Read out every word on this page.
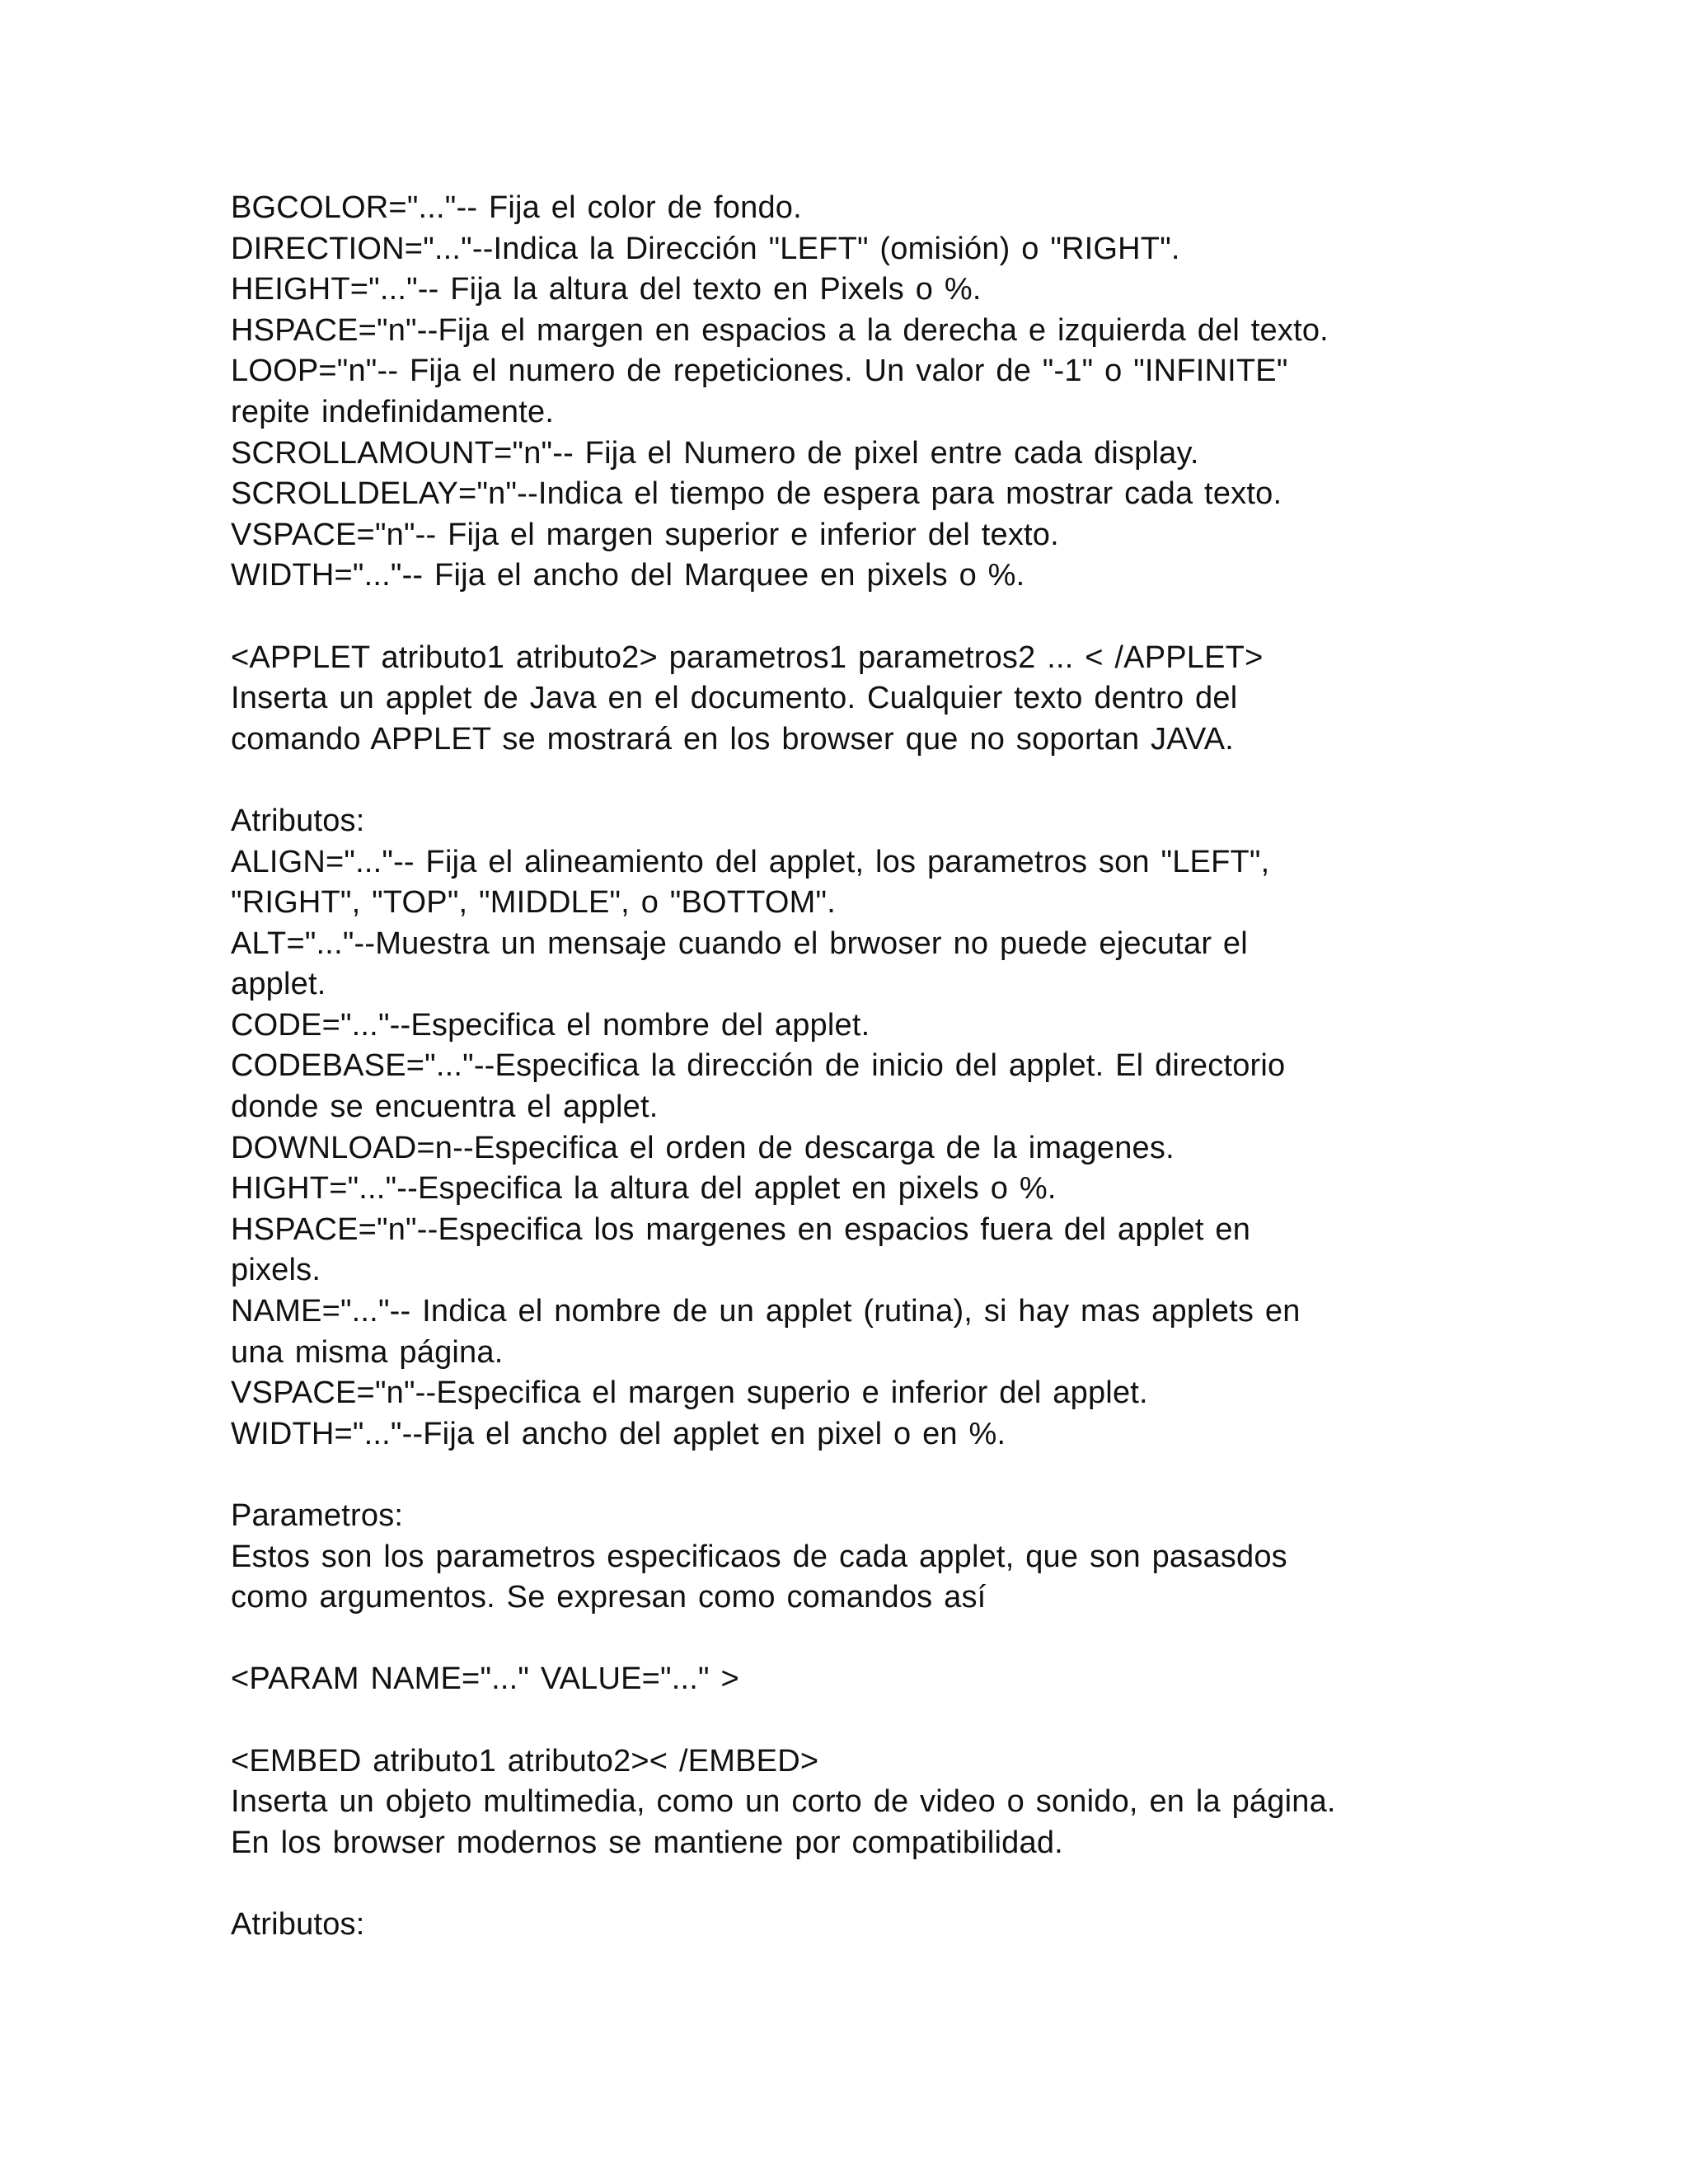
BGCOLOR="..."-- Fija el color de fondo.
DIRECTION="..."--Indica la Dirección "LEFT" (omisión) o "RIGHT".
HEIGHT="..."-- Fija la altura del texto en Pixels o %.
HSPACE="n"--Fija el margen en espacios a la derecha e izquierda del texto.
LOOP="n"-- Fija el numero de repeticiones. Un valor de "-1" o "INFINITE"
repite indefinidamente.
SCROLLAMOUNT="n"-- Fija el Numero de pixel entre cada display.
SCROLLDELAY="n"--Indica el tiempo de espera para mostrar cada texto.
VSPACE="n"-- Fija el margen superior e inferior del texto.
WIDTH="..."-- Fija el ancho del Marquee en pixels o %.
<APPLET atributo1 atributo2> parametros1 parametros2 ... < /APPLET>
Inserta un applet de Java en el documento. Cualquier texto dentro del
comando APPLET se mostrará en los browser que no soportan JAVA.
Atributos:
ALIGN="..."-- Fija el alineamiento del applet, los parametros son "LEFT",
"RIGHT", "TOP", "MIDDLE", o "BOTTOM".
ALT="..."--Muestra un mensaje cuando el brwoser no puede ejecutar el
applet.
CODE="..."--Especifica el nombre del applet.
CODEBASE="..."--Especifica la dirección de inicio del applet. El directorio
donde se encuentra el applet.
DOWNLOAD=n--Especifica el orden de descarga de la imagenes.
HIGHT="..."--Especifica la altura del applet en pixels o %.
HSPACE="n"--Especifica los margenes en espacios fuera del applet en
pixels.
NAME="..."-- Indica el nombre de un applet (rutina), si hay mas applets en
una misma página.
VSPACE="n"--Especifica el margen superio e inferior del applet.
WIDTH="..."--Fija el ancho del applet en pixel o en %.
Parametros:
Estos son los parametros especificaos de cada applet, que son pasasdos
como argumentos. Se expresan como comandos así
<PARAM NAME="..." VALUE="..." >
<EMBED atributo1 atributo2>< /EMBED>
Inserta un objeto multimedia, como un corto de video o sonido, en la página.
En los browser modernos se mantiene por compatibilidad.
Atributos:
